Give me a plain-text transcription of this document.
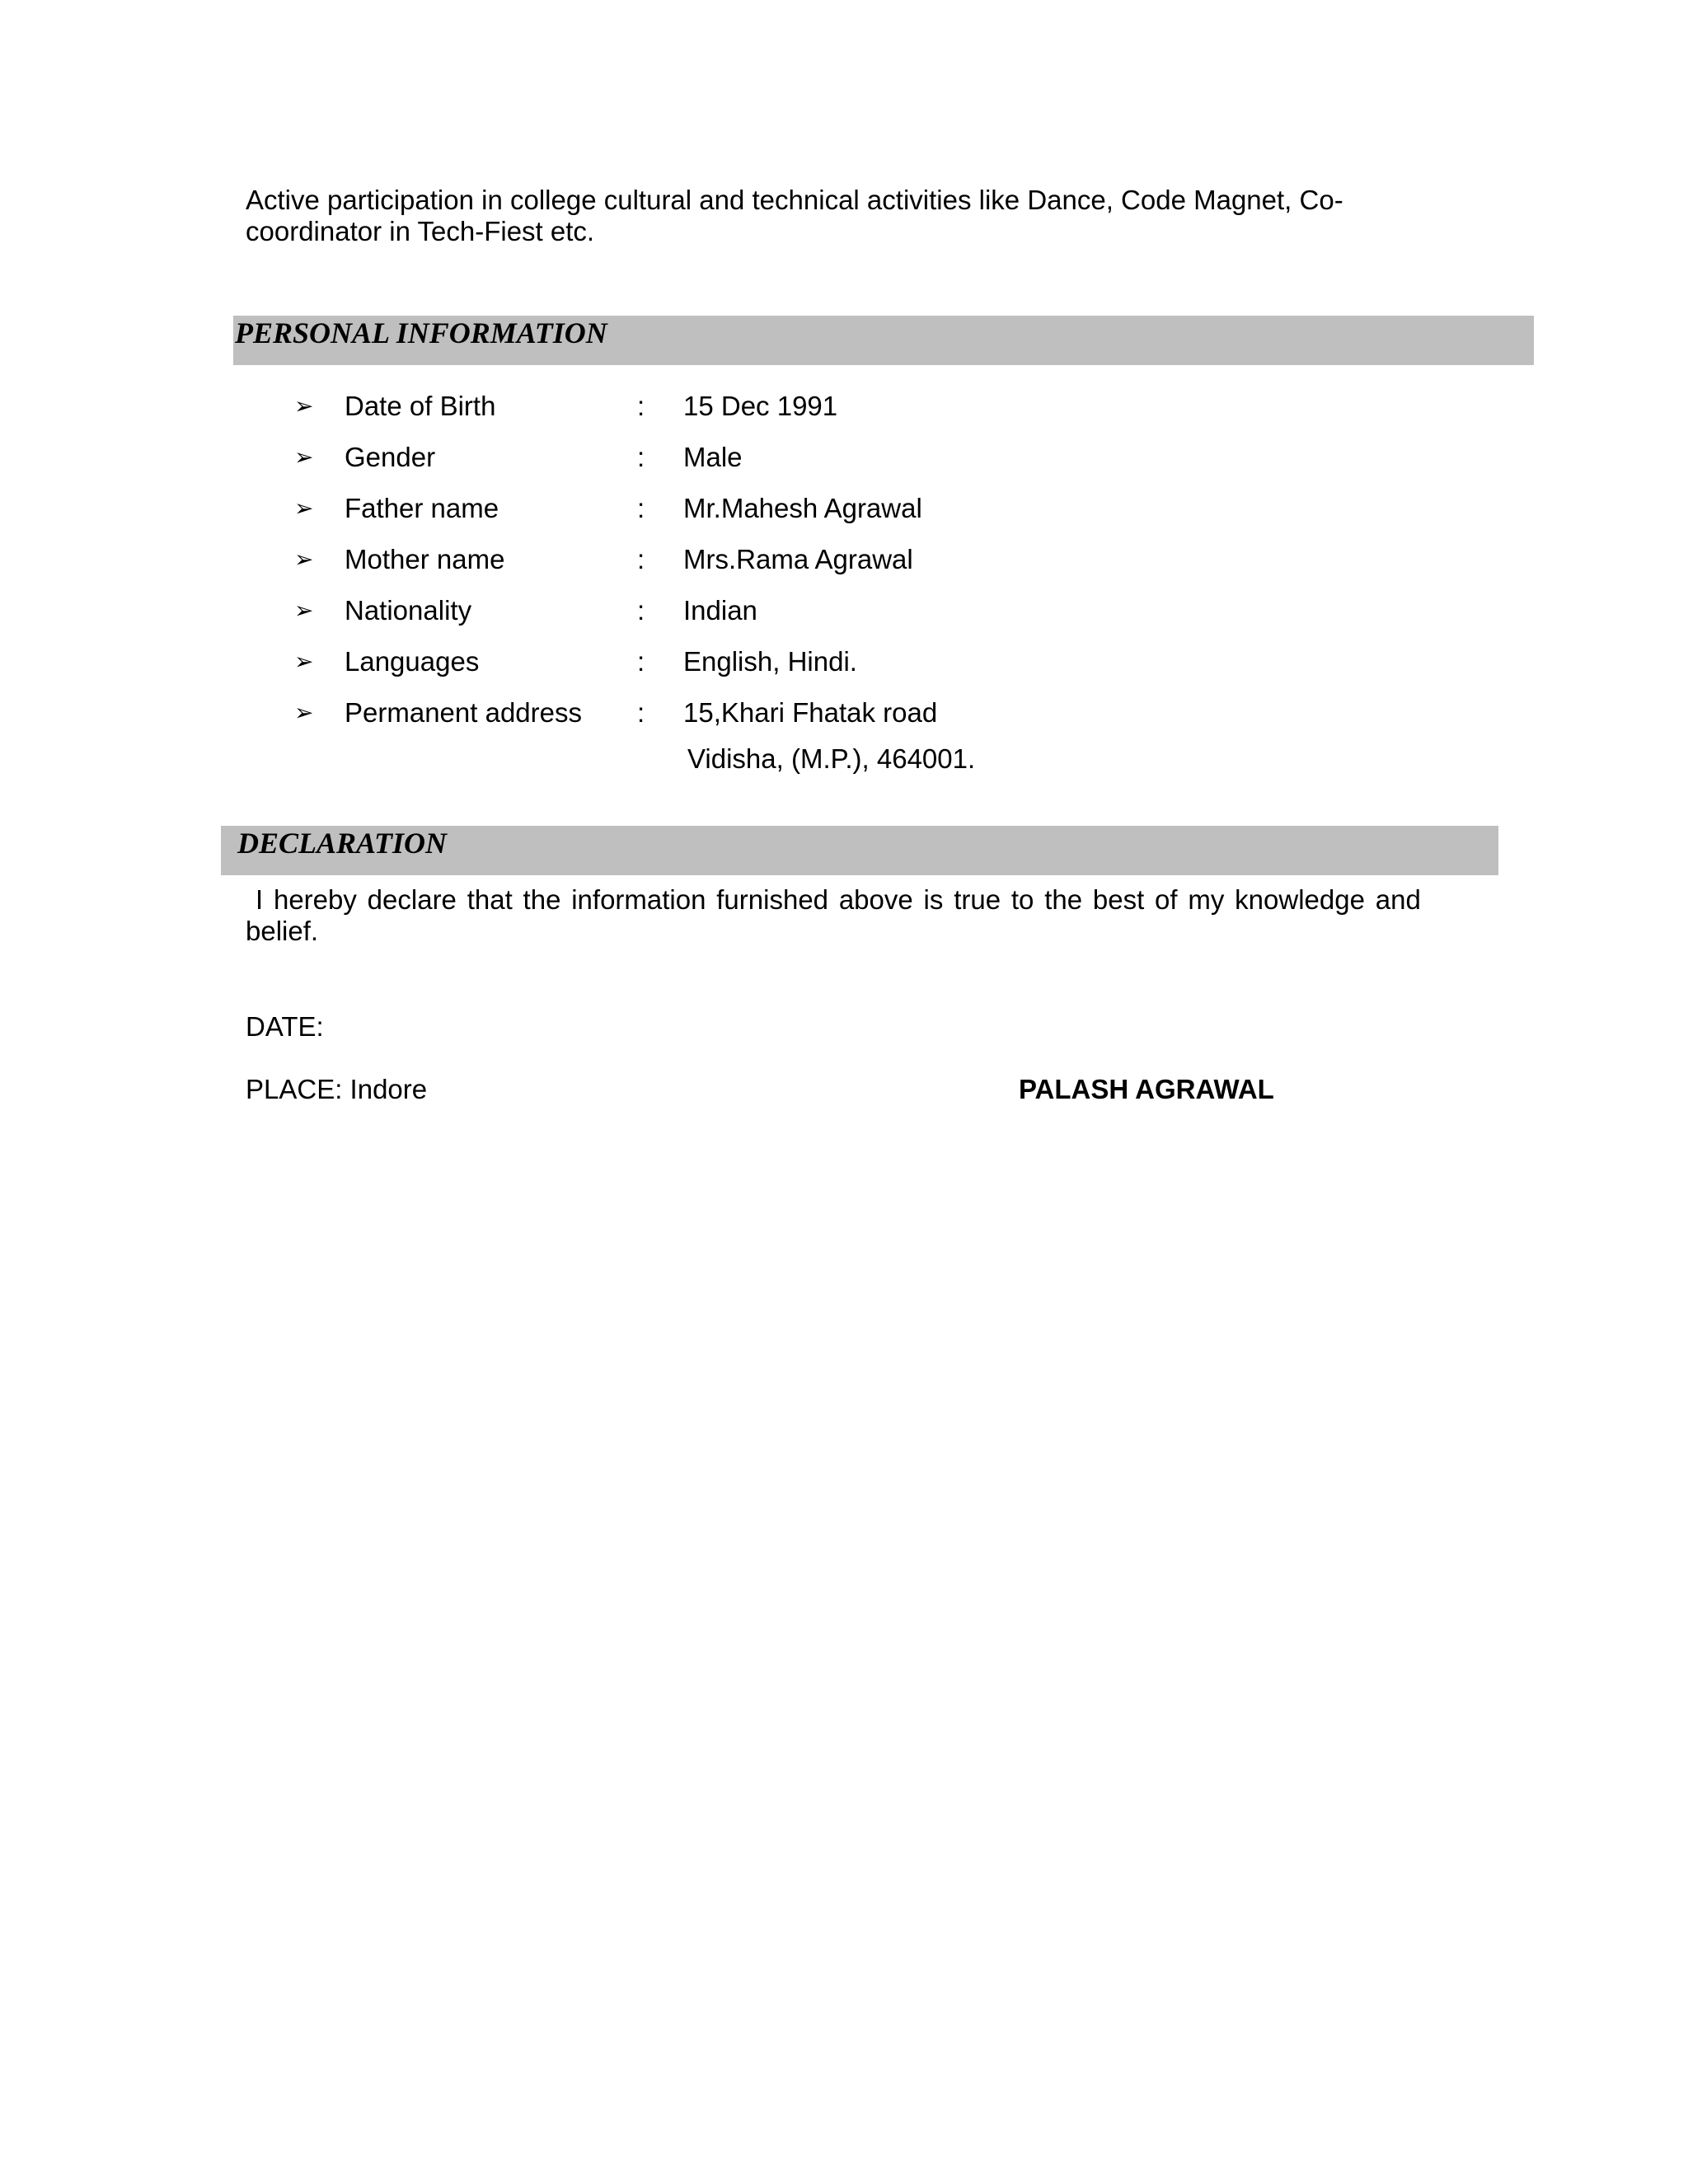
Active participation in college cultural and technical activities like Dance, Code Magnet, Co-
coordinator in Tech-Fiest etc.
PERSONAL INFORMATION
➢ Date of Birth	: 15 Dec 1991
➢ Gender	: Male
➢ Father name	: Mr.Mahesh Agrawal
➢ Mother name	: Mrs.Rama Agrawal
➢ Nationality	: Indian
➢ Languages	: English, Hindi.
➢ Permanent address : 15,Khari Fhatak road
Vidisha, (M.P.), 464001.
DECLARATION
I hereby declare that the information furnished above is true to the best of my knowledge and
belief.
DATE:
PLACE: Indore	PALASH AGRAWAL
